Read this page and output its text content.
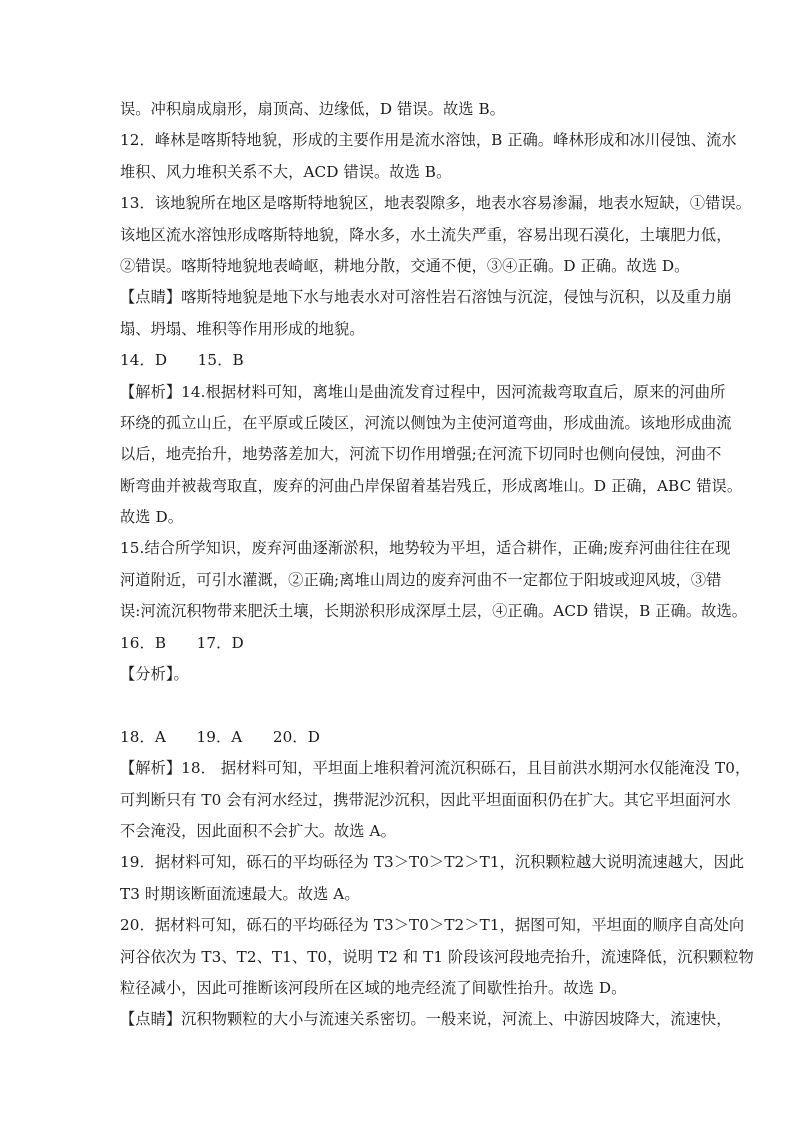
误。冲积扇成扇形，扇顶高、边缘低，D 错误。故选 B。
12．峰林是喀斯特地貌，形成的主要作用是流水溶蚀，B 正确。峰林形成和冰川侵蚀、流水
堆积、风力堆积关系不大，ACD 错误。故选 B。
13．该地貌所在地区是喀斯特地貌区，地表裂隙多，地表水容易渗漏，地表水短缺，①错误。
该地区流水溶蚀形成喀斯特地貌，降水多，水土流失严重，容易出现石漠化，土壤肥力低，
②错误。喀斯特地貌地表崎岖，耕地分散，交通不便，③④正确。D 正确。故选 D。
【点睛】喀斯特地貌是地下水与地表水对可溶性岩石溶蚀与沉淀，侵蚀与沉积，以及重力崩
塌、坍塌、堆积等作用形成的地貌。
14．D　　15．B
【解析】14.根据材料可知，离堆山是曲流发育过程中，因河流裁弯取直后，原来的河曲所
环绕的孤立山丘，在平原或丘陵区，河流以侧蚀为主使河道弯曲，形成曲流。该地形成曲流
以后，地壳抬升，地势落差加大，河流下切作用增强;在河流下切同时也侧向侵蚀，河曲不
断弯曲并被裁弯取直，废弃的河曲凸岸保留着基岩残丘，形成离堆山。D 正确，ABC 错误。
故选 D。
15.结合所学知识，废弃河曲逐渐淤积，地势较为平坦，适合耕作，正确;废弃河曲往往在现
河道附近，可引水灌溉，②正确;离堆山周边的废弃河曲不一定都位于阳坡或迎风坡，③错
误:河流沉积物带来肥沃土壤，长期淤积形成深厚土层，④正确。ACD 错误，B 正确。故选。
16．B　　17．D
【分析】。
18．A　　19．A　　20．D
【解析】18． 据材料可知，平坦面上堆积着河流沉积砾石，且目前洪水期河水仅能淹没 T0，
可判断只有 T0 会有河水经过，携带泥沙沉积，因此平坦面面积仍在扩大。其它平坦面河水
不会淹没，因此面积不会扩大。故选 A。
19．据材料可知，砾石的平均砾径为 T3＞T0＞T2＞T1，沉积颗粒越大说明流速越大，因此
T3 时期该断面流速最大。故选 A。
20．据材料可知，砾石的平均砾径为 T3＞T0＞T2＞T1，据图可知，平坦面的顺序自高处向
河谷依次为 T3、T2、T1、T0，说明 T2 和 T1 阶段该河段地壳抬升，流速降低，沉积颗粒物
粒径减小，因此可推断该河段所在区域的地壳经流了间歇性抬升。故选 D。
【点睛】沉积物颗粒的大小与流速关系密切。一般来说，河流上、中游因坡降大，流速快，
